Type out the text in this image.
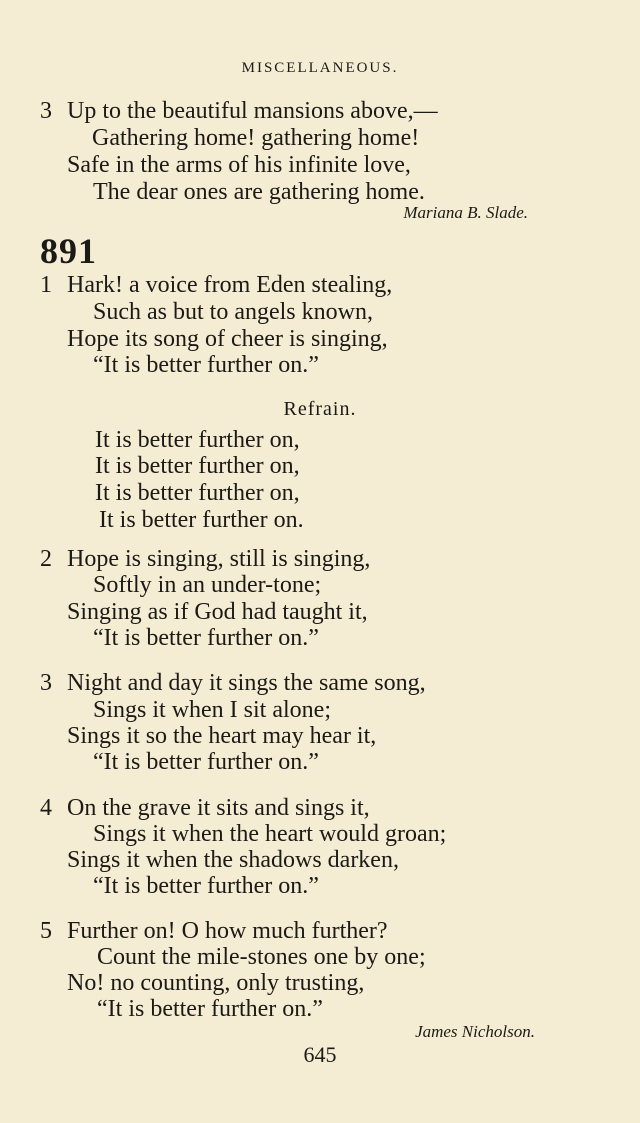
MISCELLANEOUS.
3 Up to the beautiful mansions above,—
Gathering home! gathering home!
Safe in the arms of his infinite love,
The dear ones are gathering home.
Mariana B. Slade.
891
1 Hark! a voice from Eden stealing,
Such as but to angels known,
Hope its song of cheer is singing,
“It is better further on.”
Refrain.
It is better further on,
It is better further on,
It is better further on,
It is better further on.
2 Hope is singing, still is singing,
Softly in an under-tone;
Singing as if God had taught it,
“It is better further on.”
3 Night and day it sings the same song,
Sings it when I sit alone;
Sings it so the heart may hear it,
“It is better further on.”
4 On the grave it sits and sings it,
Sings it when the heart would groan;
Sings it when the shadows darken,
“It is better further on.”
5 Further on! O how much further?
Count the mile-stones one by one;
No! no counting, only trusting,
“It is better further on.”
James Nicholson.
645
